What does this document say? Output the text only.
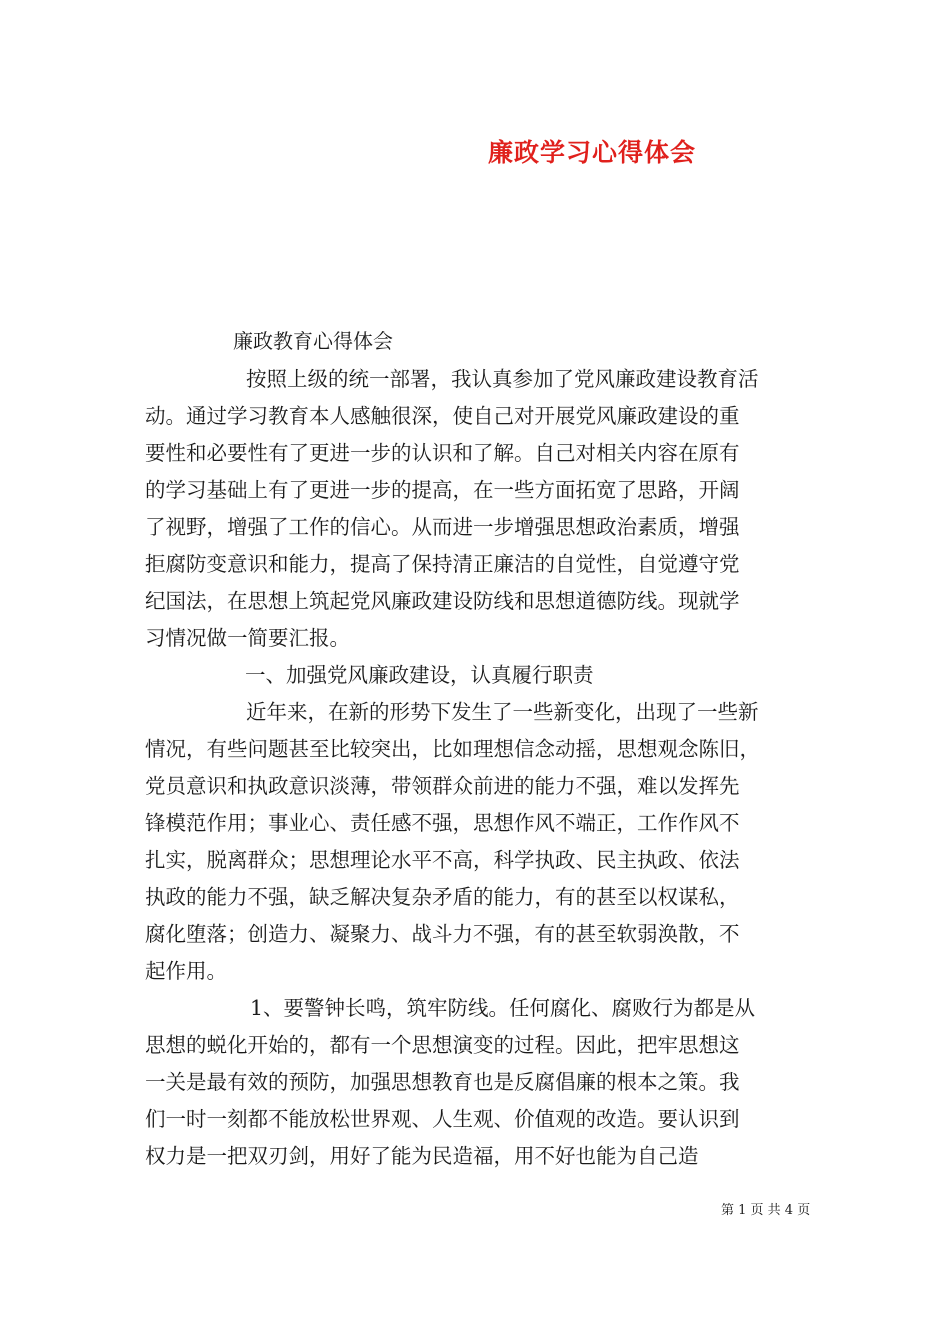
廉政学习心得体会
廉政教育心得体会
按照上级的统一部署，我认真参加了党风廉政建设教育活
动。通过学习教育本人感触很深，使自己对开展党风廉政建设的重
要性和必要性有了更进一步的认识和了解。自己对相关内容在原有
的学习基础上有了更进一步的提高，在一些方面拓宽了思路，开阔
了视野，增强了工作的信心。从而进一步增强思想政治素质，增强
拒腐防变意识和能力，提高了保持清正廉洁的自觉性，自觉遵守党
纪国法，在思想上筑起党风廉政建设防线和思想道德防线。现就学
习情况做一简要汇报。
一、加强党风廉政建设，认真履行职责
近年来，在新的形势下发生了一些新变化，出现了一些新
情况，有些问题甚至比较突出，比如理想信念动摇，思想观念陈旧，
党员意识和执政意识淡薄，带领群众前进的能力不强，难以发挥先
锋模范作用；事业心、责任感不强，思想作风不端正，工作作风不
扎实，脱离群众；思想理论水平不高，科学执政、民主执政、依法
执政的能力不强，缺乏解决复杂矛盾的能力，有的甚至以权谋私，
腐化堕落；创造力、凝聚力、战斗力不强，有的甚至软弱涣散，不
起作用。
1、要警钟长鸣，筑牢防线。任何腐化、腐败行为都是从
思想的蜕化开始的，都有一个思想演变的过程。因此，把牢思想这
一关是最有效的预防，加强思想教育也是反腐倡廉的根本之策。我
们一时一刻都不能放松世界观、人生观、价值观的改造。要认识到
权力是一把双刃剑，用好了能为民造福，用不好也能为自己造
第 1 页 共 4 页
